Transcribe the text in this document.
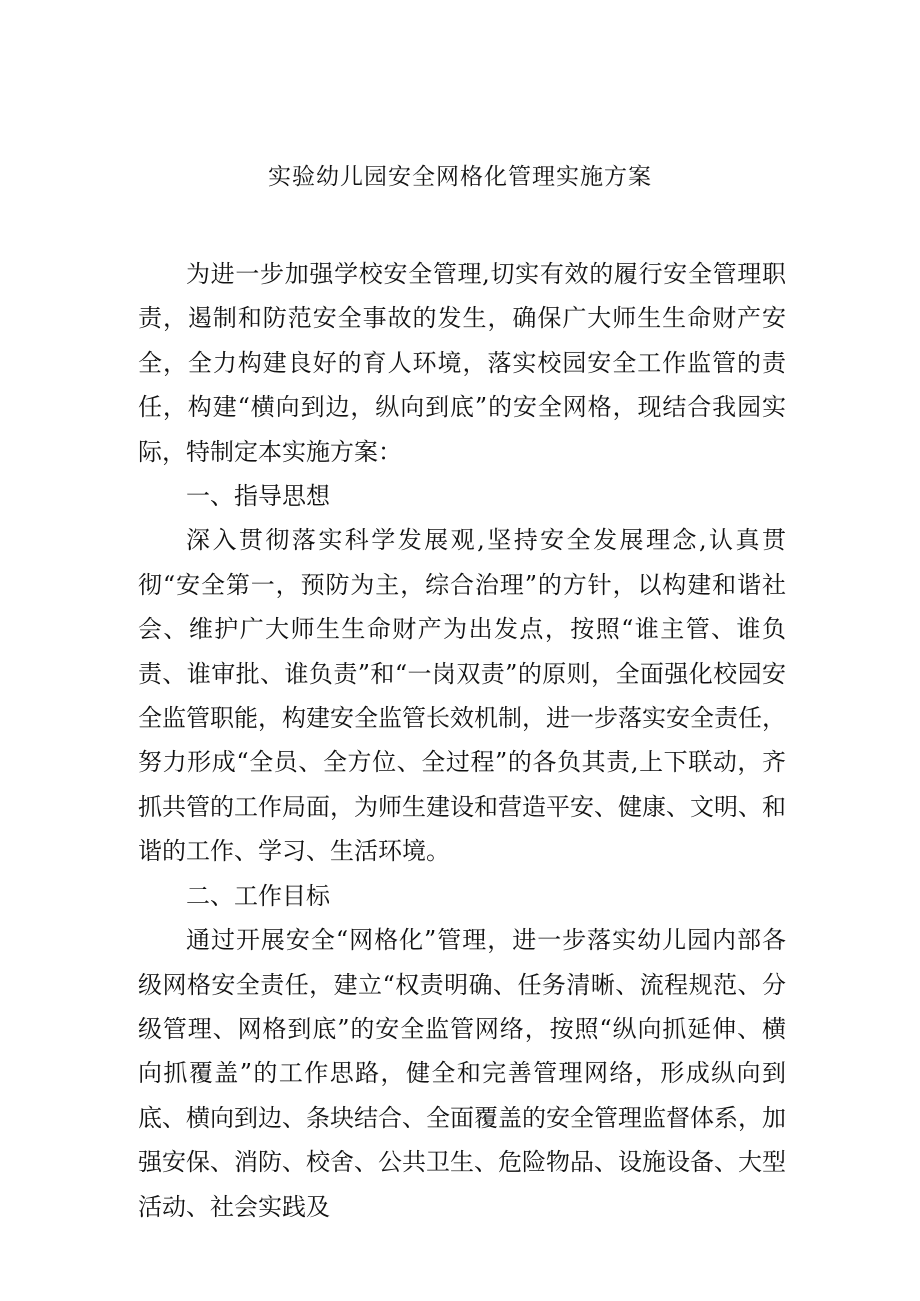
实验幼儿园安全网格化管理实施方案

为进一步加强学校安全管理,切实有效的履行安全管理职责，遏制和防范安全事故的发生，确保广大师生生命财产安全，全力构建良好的育人环境，落实校园安全工作监管的责任，构建“横向到边，纵向到底”的安全网格，现结合我园实际，特制定本实施方案：

一、指导思想

深入贯彻落实科学发展观,坚持安全发展理念,认真贯彻“安全第一，预防为主，综合治理”的方针，以构建和谐社会、维护广大师生生命财产为出发点，按照“谁主管、谁负责、谁审批、谁负责”和“一岗双责”的原则，全面强化校园安全监管职能，构建安全监管长效机制，进一步落实安全责任，努力形成“全员、全方位、全过程”的各负其责,上下联动，齐抓共管的工作局面，为师生建设和营造平安、健康、文明、和谐的工作、学习、生活环境。

二、工作目标

通过开展安全“网格化”管理，进一步落实幼儿园内部各级网格安全责任，建立“权责明确、任务清晰、流程规范、分级管理、网格到底”的安全监管网络，按照“纵向抓延伸、横向抓覆盖”的工作思路，健全和完善管理网络，形成纵向到底、横向到边、条块结合、全面覆盖的安全管理监督体系，加强安保、消防、校舍、公共卫生、危险物品、设施设备、大型活动、社会实践及
